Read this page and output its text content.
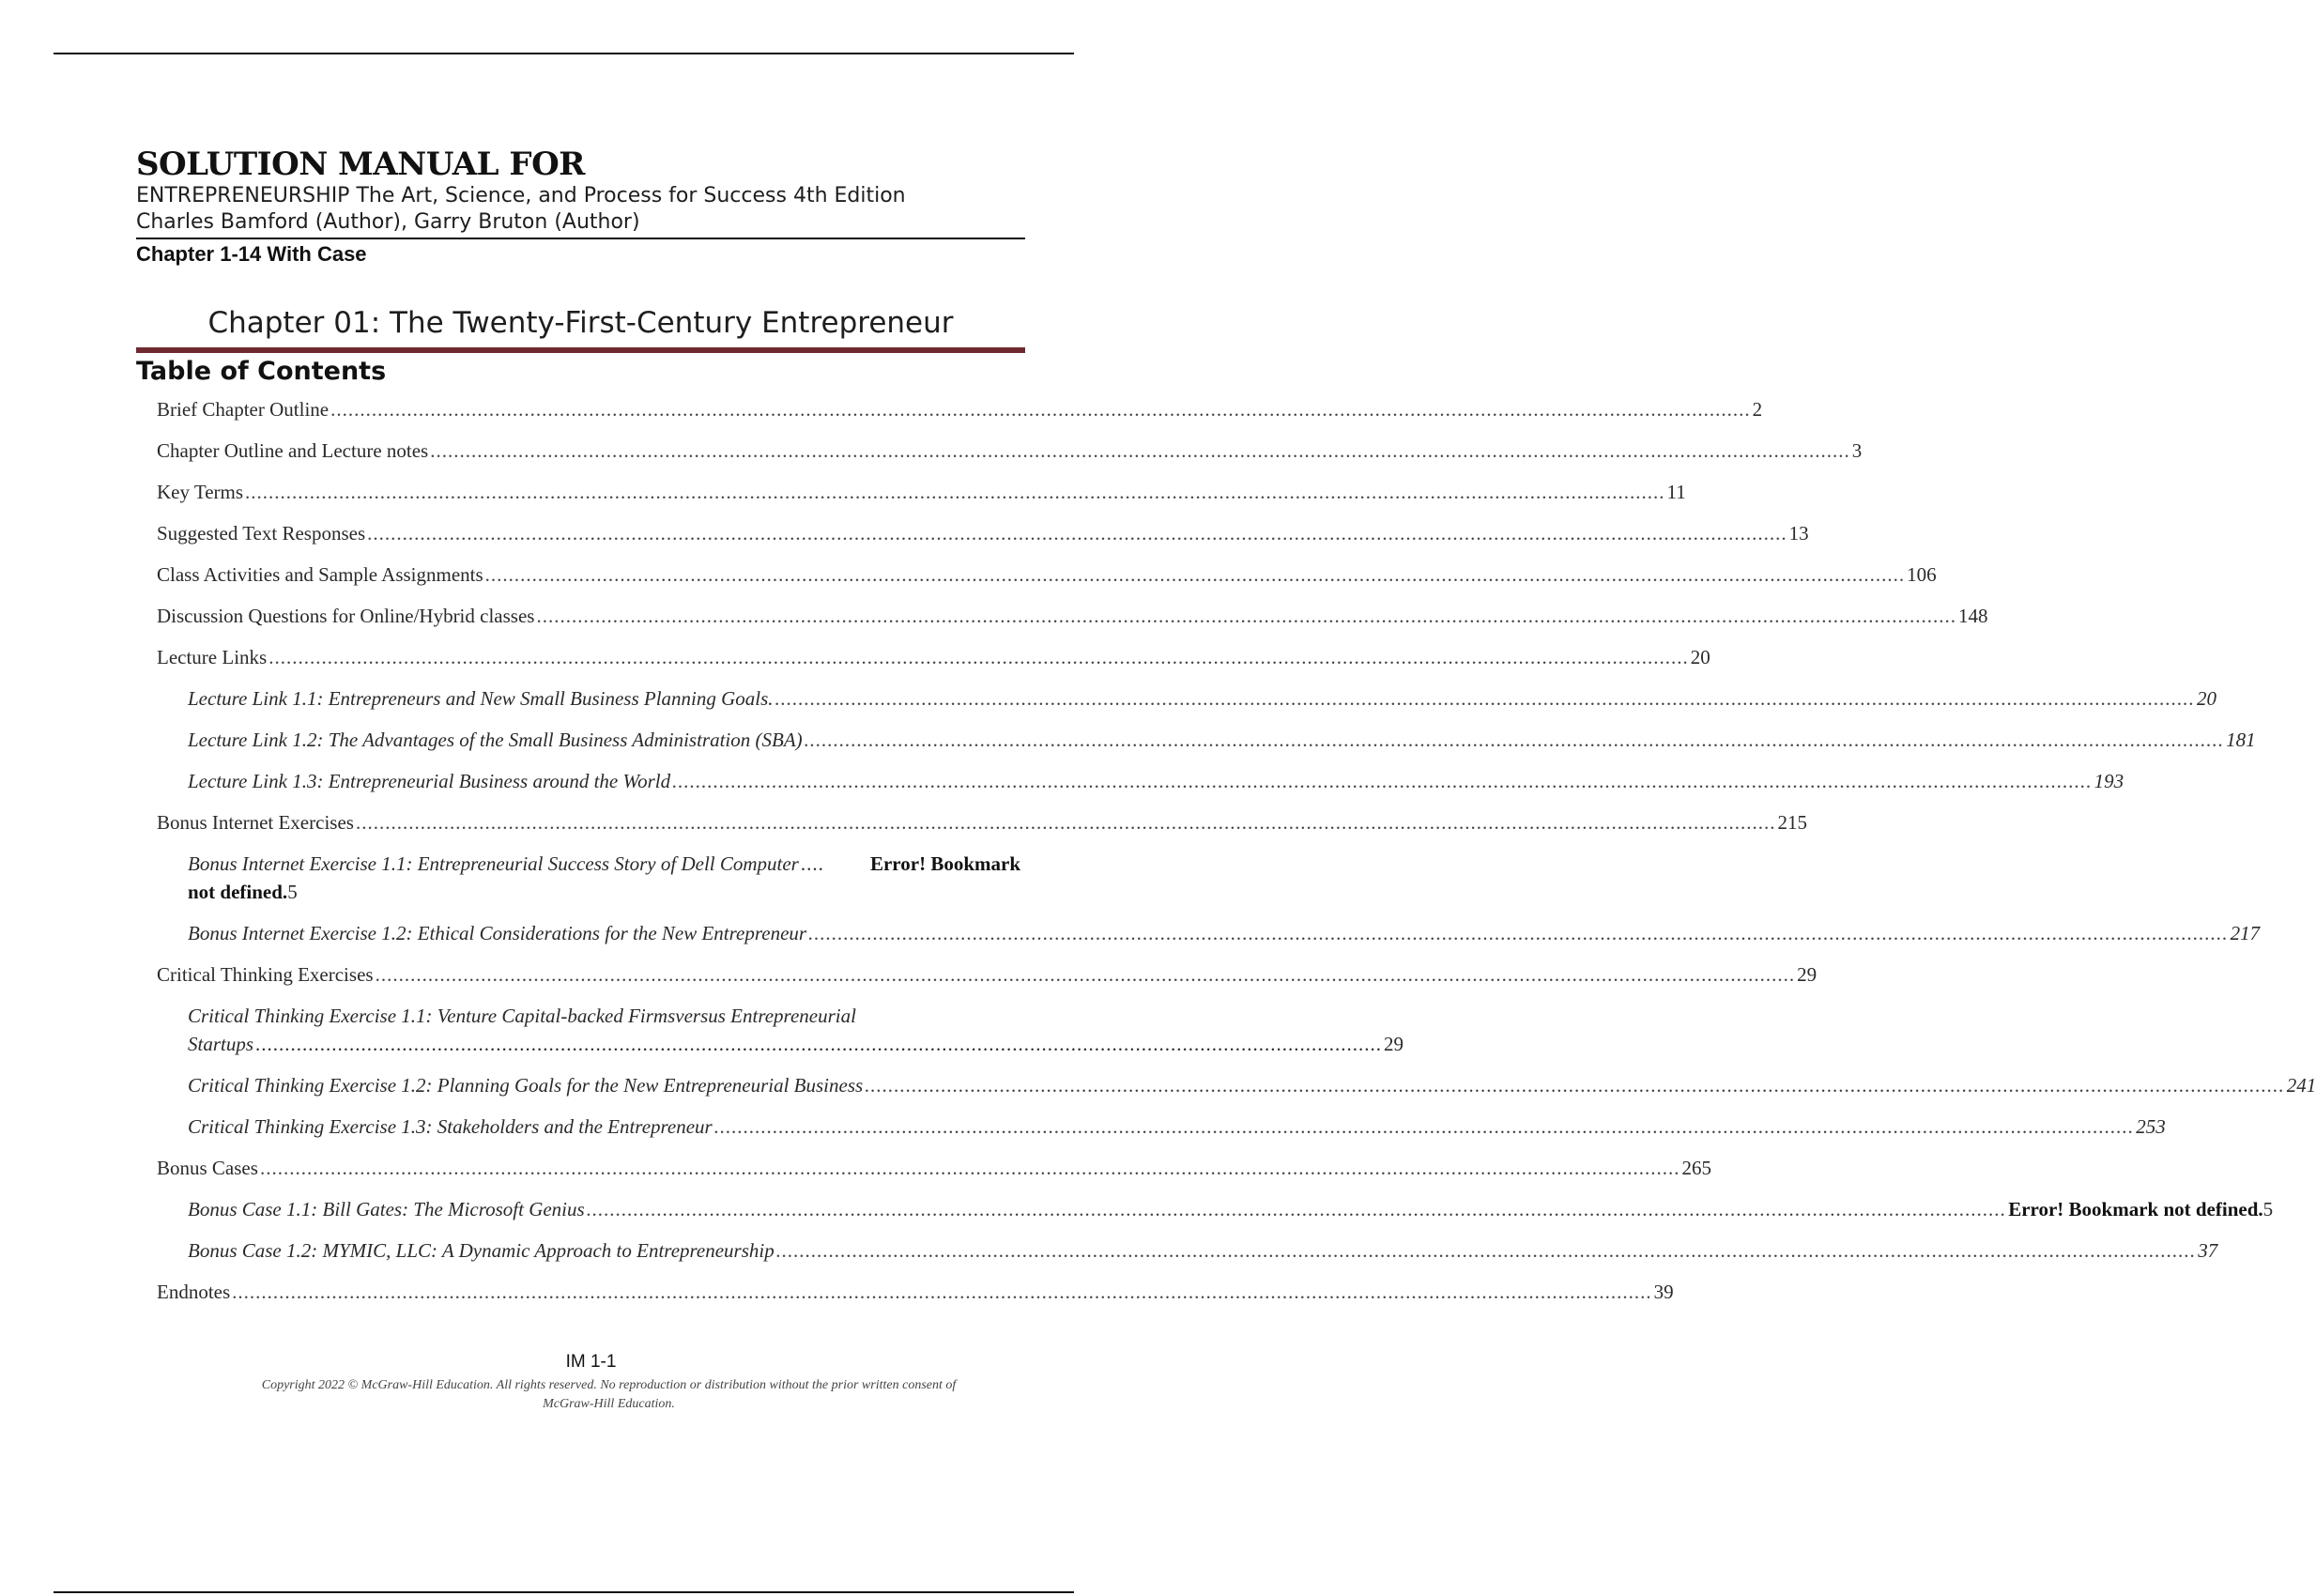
SOLUTION MANUAL FOR

ENTREPRENEURSHIP The Art, Science, and Process for Success 4th Edition

Charles Bamford (Author), Garry Bruton (Author)

Chapter 1-14 With Case
Chapter 01: The Twenty-First-Century Entrepreneur
Table of Contents
Brief Chapter Outline .....	2
Chapter Outline and Lecture notes .....	3
Key Terms .....	11
Suggested Text Responses .....	13
Class Activities and Sample Assignments .....	106
Discussion Questions for Online/Hybrid classes .....	148
Lecture Links .....	20
Lecture Link 1.1: Entrepreneurs and New Small Business Planning Goals. .....	20
Lecture Link 1.2: The Advantages of the Small Business Administration (SBA) .....	181
Lecture Link 1.3: Entrepreneurial Business around the World .....	193
Bonus Internet Exercises .....	215
Bonus Internet Exercise 1.1: Entrepreneurial Success Story of Dell Computer .... Error! Bookmark
not defined. 5
Bonus Internet Exercise 1.2: Ethical Considerations for the New Entrepreneur .....	217
Critical Thinking Exercises .....	29
Critical Thinking Exercise 1.1: Venture Capital-backed Firmsversus Entrepreneurial
Startups ................................................................................................................................................................................................ 29
Critical Thinking Exercise 1.2: Planning Goals for the New Entrepreneurial Business .....	241
Critical Thinking Exercise 1.3: Stakeholders and the Entrepreneur .....	253
Bonus Cases .....	265
Bonus Case 1.1: Bill Gates: The Microsoft Genius .....	Error! Bookmark not defined. 5
Bonus Case 1.2: MYMIC, LLC: A Dynamic Approach to Entrepreneurship .....	37
Endnotes .....	39
IM 1-1
Copyright 2022 © McGraw-Hill Education. All rights reserved. No reproduction or distribution without the prior written consent of
McGraw-Hill Education.
